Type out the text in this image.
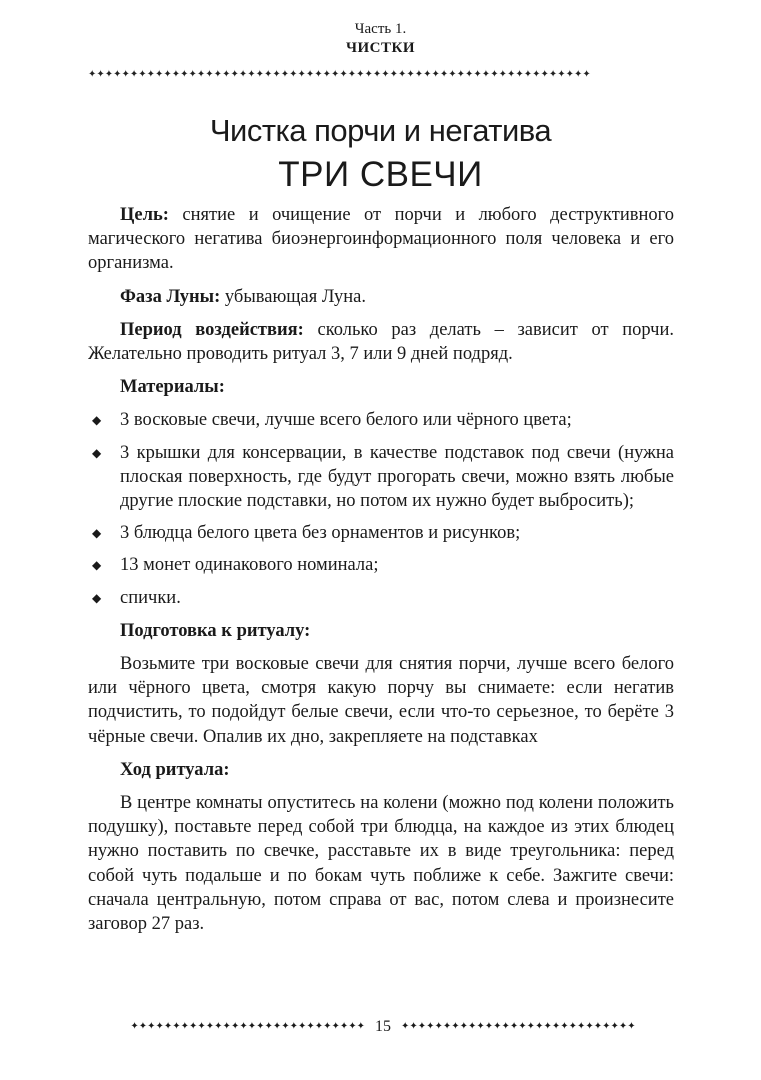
Часть 1.
ЧИСТКИ
✦✦✦✦✦✦✦✦✦✦✦✦✦✦✦✦✦✦✦✦✦✦✦✦✦✦✦✦✦✦✦✦✦✦✦✦✦✦✦✦✦✦✦✦✦✦✦✦✦✦✦✦✦✦✦✦✦✦✦✦
Чистка порчи и негатива
ТРИ СВЕЧИ

Цель: снятие и очищение от порчи и любого деструктивного магического негатива биоэнергоинформационного поля человека и его организма.

Фаза Луны: убывающая Луна.

Период воздействия: сколько раз делать – зависит от порчи. Желательно проводить ритуал 3, 7 или 9 дней подряд.

Материалы:

◆ 3 восковые свечи, лучше всего белого или чёрного цвета;
◆ 3 крышки для консервации, в качестве подставок под свечи (нужна плоская поверхность, где будут прогорать свечи, можно взять любые другие плоские подставки, но потом их нужно будет выбросить);
◆ 3 блюдца белого цвета без орнаментов и рисунков;
◆ 13 монет одинакового номинала;
◆ спички.

Подготовка к ритуалу:

Возьмите три восковые свечи для снятия порчи, лучше всего белого или чёрного цвета, смотря какую порчу вы снимаете: если негатив подчистить, то подойдут белые свечи, если что-то серьезное, то берёте 3 чёрные свечи. Опалив их дно, закрепляете на подставках

Ход ритуала:

В центре комнаты опуститесь на колени (можно под колени положить подушку), поставьте перед собой три блюдца, на каждое из этих блюдец нужно поставить по свечке, расставьте их в виде треугольника: перед собой чуть подальше и по бокам чуть поближе к себе. Зажгите свечи: сначала центральную, потом справа от вас, потом слева и произнесите заговор 27 раз.

✦✦✦✦✦✦✦✦✦✦✦✦✦✦✦✦✦✦✦✦✦✦✦✦✦✦✦✦ 15	✦✦✦✦✦✦✦✦✦✦✦✦✦✦✦✦✦✦✦✦✦✦✦✦✦✦✦✦
